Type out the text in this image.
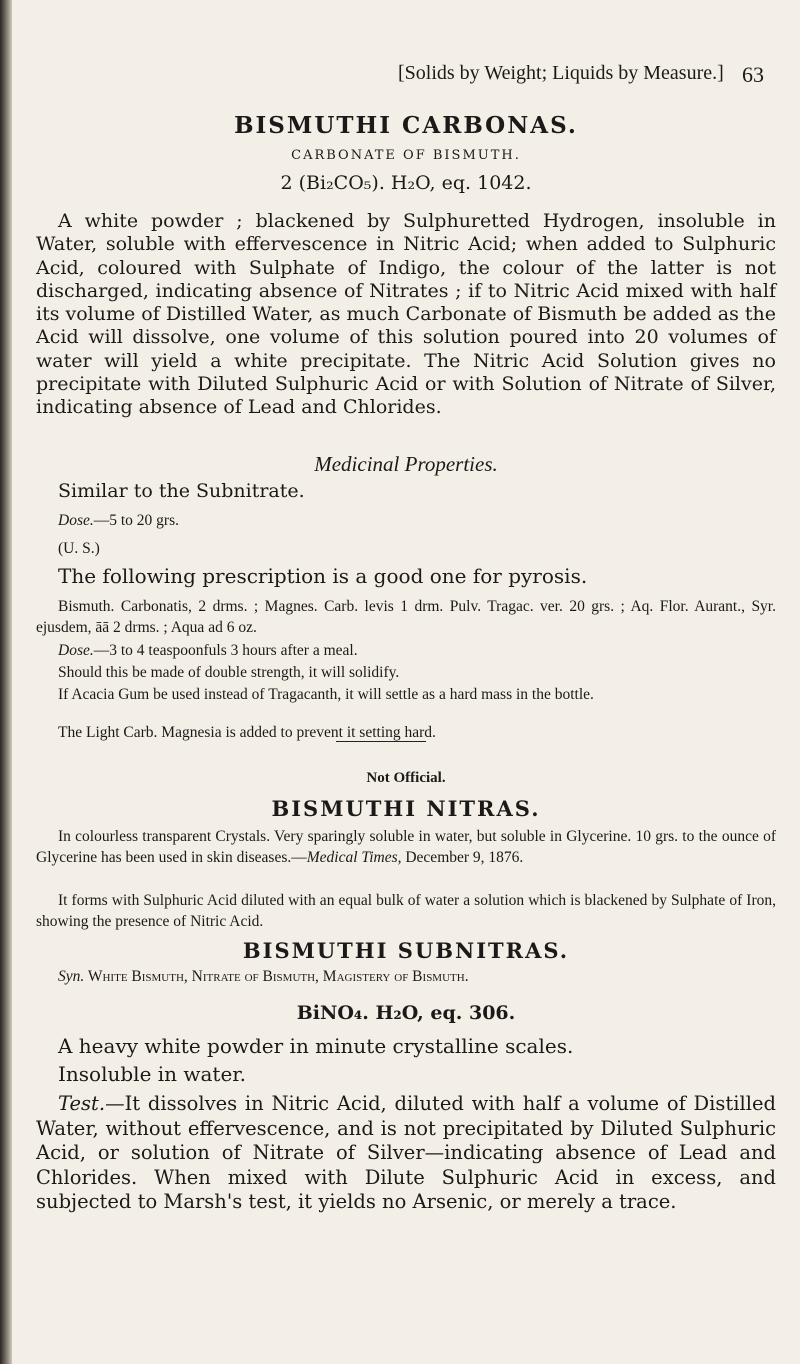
[Solids by Weight; Liquids by Measure.] 63
BISMUTHI CARBONAS.
CARBONATE OF BISMUTH.
2 (Bi₂CO₅). H₂O, eq. 1042.

A white powder ; blackened by Sulphuretted Hydrogen, insoluble in Water, soluble with effervescence in Nitric Acid; when added to Sulphuric Acid, coloured with Sulphate of Indigo, the colour of the latter is not discharged, indicating absence of Nitrates ; if to Nitric Acid mixed with half its volume of Distilled Water, as much Carbonate of Bismuth be added as the Acid will dissolve, one volume of this solution poured into 20 volumes of water will yield a white precipitate. The Nitric Acid Solution gives no precipitate with Diluted Sulphuric Acid or with Solution of Nitrate of Silver, indicating absence of Lead and Chlorides.

Medicinal Properties.
Similar to the Subnitrate.
Dose.—5 to 20 grs.
(U. S.)
The following prescription is a good one for pyrosis.

Bismuth. Carbonatis, 2 drms. ; Magnes. Carb. levis 1 drm. Pulv. Tragac. ver. 20 grs. ; Aq. Flor. Aurant., Syr. ejusdem, āā 2 drms. ; Aqua ad 6 oz.

Dose.—3 to 4 teaspoonfuls 3 hours after a meal.
Should this be made of double strength, it will solidify.

If Acacia Gum be used instead of Tragacanth, it will settle as a hard mass in the bottle.

The Light Carb. Magnesia is added to prevent it setting hard.
Not Official.
BISMUTHI NITRAS.

In colourless transparent Crystals. Very sparingly soluble in water, but soluble in Glycerine. 10 grs. to the ounce of Glycerine has been used in skin diseases.—Medical Times, December 9, 1876.

It forms with Sulphuric Acid diluted with an equal bulk of water a solution which is blackened by Sulphate of Iron, showing the presence of Nitric Acid.

BISMUTHI SUBNITRAS.
Syn. White Bismuth, Nitrate of Bismuth, Magistery of Bismuth.
BiNO₄. H₂O, eq. 306.
A heavy white powder in minute crystalline scales.
Insoluble in water.

Test.—It dissolves in Nitric Acid, diluted with half a volume of Distilled Water, without effervescence, and is not precipitated by Diluted Sulphuric Acid, or solution of Nitrate of Silver—indicating absence of Lead and Chlorides. When mixed with Dilute Sulphuric Acid in excess, and subjected to Marsh's test, it yields no Arsenic, or merely a trace.
